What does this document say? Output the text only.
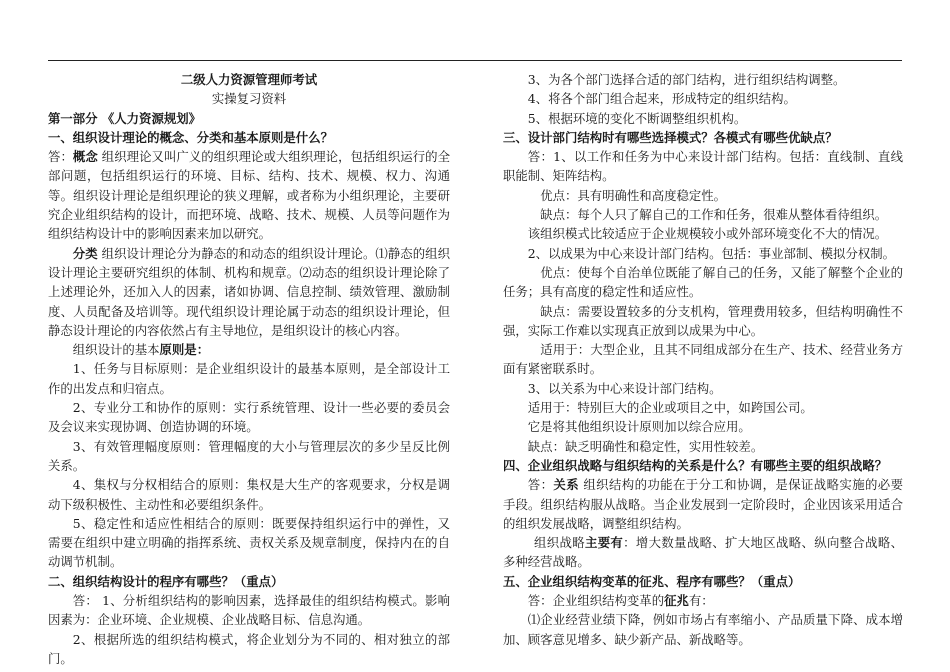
二级人力资源管理师考试

实操复习资料

第一部分 《人力资源规划》

一、组织设计理论的概念、分类和基本原则是什么？

答：概念 组织理论又叫广义的组织理论或大组织理论，包括组织运行的全部问题，包括组织运行的环境、目标、结构、技术、规模、权力、沟通等。组织设计理论是组织理论的狭义理解，或者称为小组织理论，主要研究企业组织结构的设计，而把环境、战略、技术、规模、人员等问题作为组织结构设计中的影响因素来加以研究。

分类 组织设计理论分为静态的和动态的组织设计理论。⑴静态的组织设计理论主要研究组织的体制、机构和规章。⑵动态的组织设计理论除了上述理论外，还加入人的因素，诸如协调、信息控制、绩效管理、激励制度、人员配备及培训等。现代组织设计理论属于动态的组织设计理论，但静态设计理论的内容依然占有主导地位，是组织设计的核心内容。

组织设计的基本原则是：

1、任务与目标原则：是企业组织设计的最基本原则，是全部设计工作的出发点和归宿点。

2、专业分工和协作的原则：实行系统管理、设计一些必要的委员会及会议来实现协调、创造协调的环境。

3、有效管理幅度原则：管理幅度的大小与管理层次的多少呈反比例关系。

4、集权与分权相结合的原则：集权是大生产的客观要求，分权是调动下级积极性、主动性和必要组织条件。

5、稳定性和适应性相结合的原则：既要保持组织运行中的弹性，又需要在组织中建立明确的指挥系统、责权关系及规章制度，保持内在的自动调节机制。

二、组织结构设计的程序有哪些？（重点）

答： 1、分析组织结构的影响因素，选择最佳的组织结构模式。影响因素为：企业环境、企业规模、企业战略目标、信息沟通。

2、根据所选的组织结构模式，将企业划分为不同的、相对独立的部门。

3、为各个部门选择合适的部门结构，进行组织结构调整。

4、将各个部门组合起来，形成特定的组织结构。

5、根据环境的变化不断调整组织机构。

三、设计部门结构时有哪些选择模式？各模式有哪些优缺点？

答：1、以工作和任务为中心来设计部门结构。包括：直线制、直线职能制、矩阵结构。

优点：具有明确性和高度稳定性。

缺点：每个人只了解自己的工作和任务，很难从整体看待组织。

该组织模式比较适应于企业规模较小或外部环境变化不大的情况。

2、以成果为中心来设计部门结构。包括：事业部制、模拟分权制。

优点：使每个自治单位既能了解自己的任务，又能了解整个企业的任务；具有高度的稳定性和适应性。

缺点：需要设置较多的分支机构，管理费用较多，但结构明确性不强，实际工作难以实现真正放到以成果为中心。

适用于：大型企业，且其不同组成部分在生产、技术、经营业务方面有紧密联系时。

3、以关系为中心来设计部门结构。

适用于：特别巨大的企业或项目之中，如跨国公司。

它是将其他组织设计原则加以综合应用。

缺点：缺乏明确性和稳定性，实用性较差。

四、企业组织战略与组织结构的关系是什么？有哪些主要的组织战略？

答：关系 组织结构的功能在于分工和协调，是保证战略实施的必要手段。组织结构服从战略。当企业发展到一定阶段时，企业因该采用适合的组织发展战略，调整组织结构。

组织战略主要有：增大数量战略、扩大地区战略、纵向整合战略、多种经营战略。

五、企业组织结构变革的征兆、程序有哪些？（重点）

答：企业组织结构变革的征兆有：

⑴企业经营业绩下降，例如市场占有率缩小、产品质量下降、成本增加、顾客意见增多、缺少新产品、新战略等。
